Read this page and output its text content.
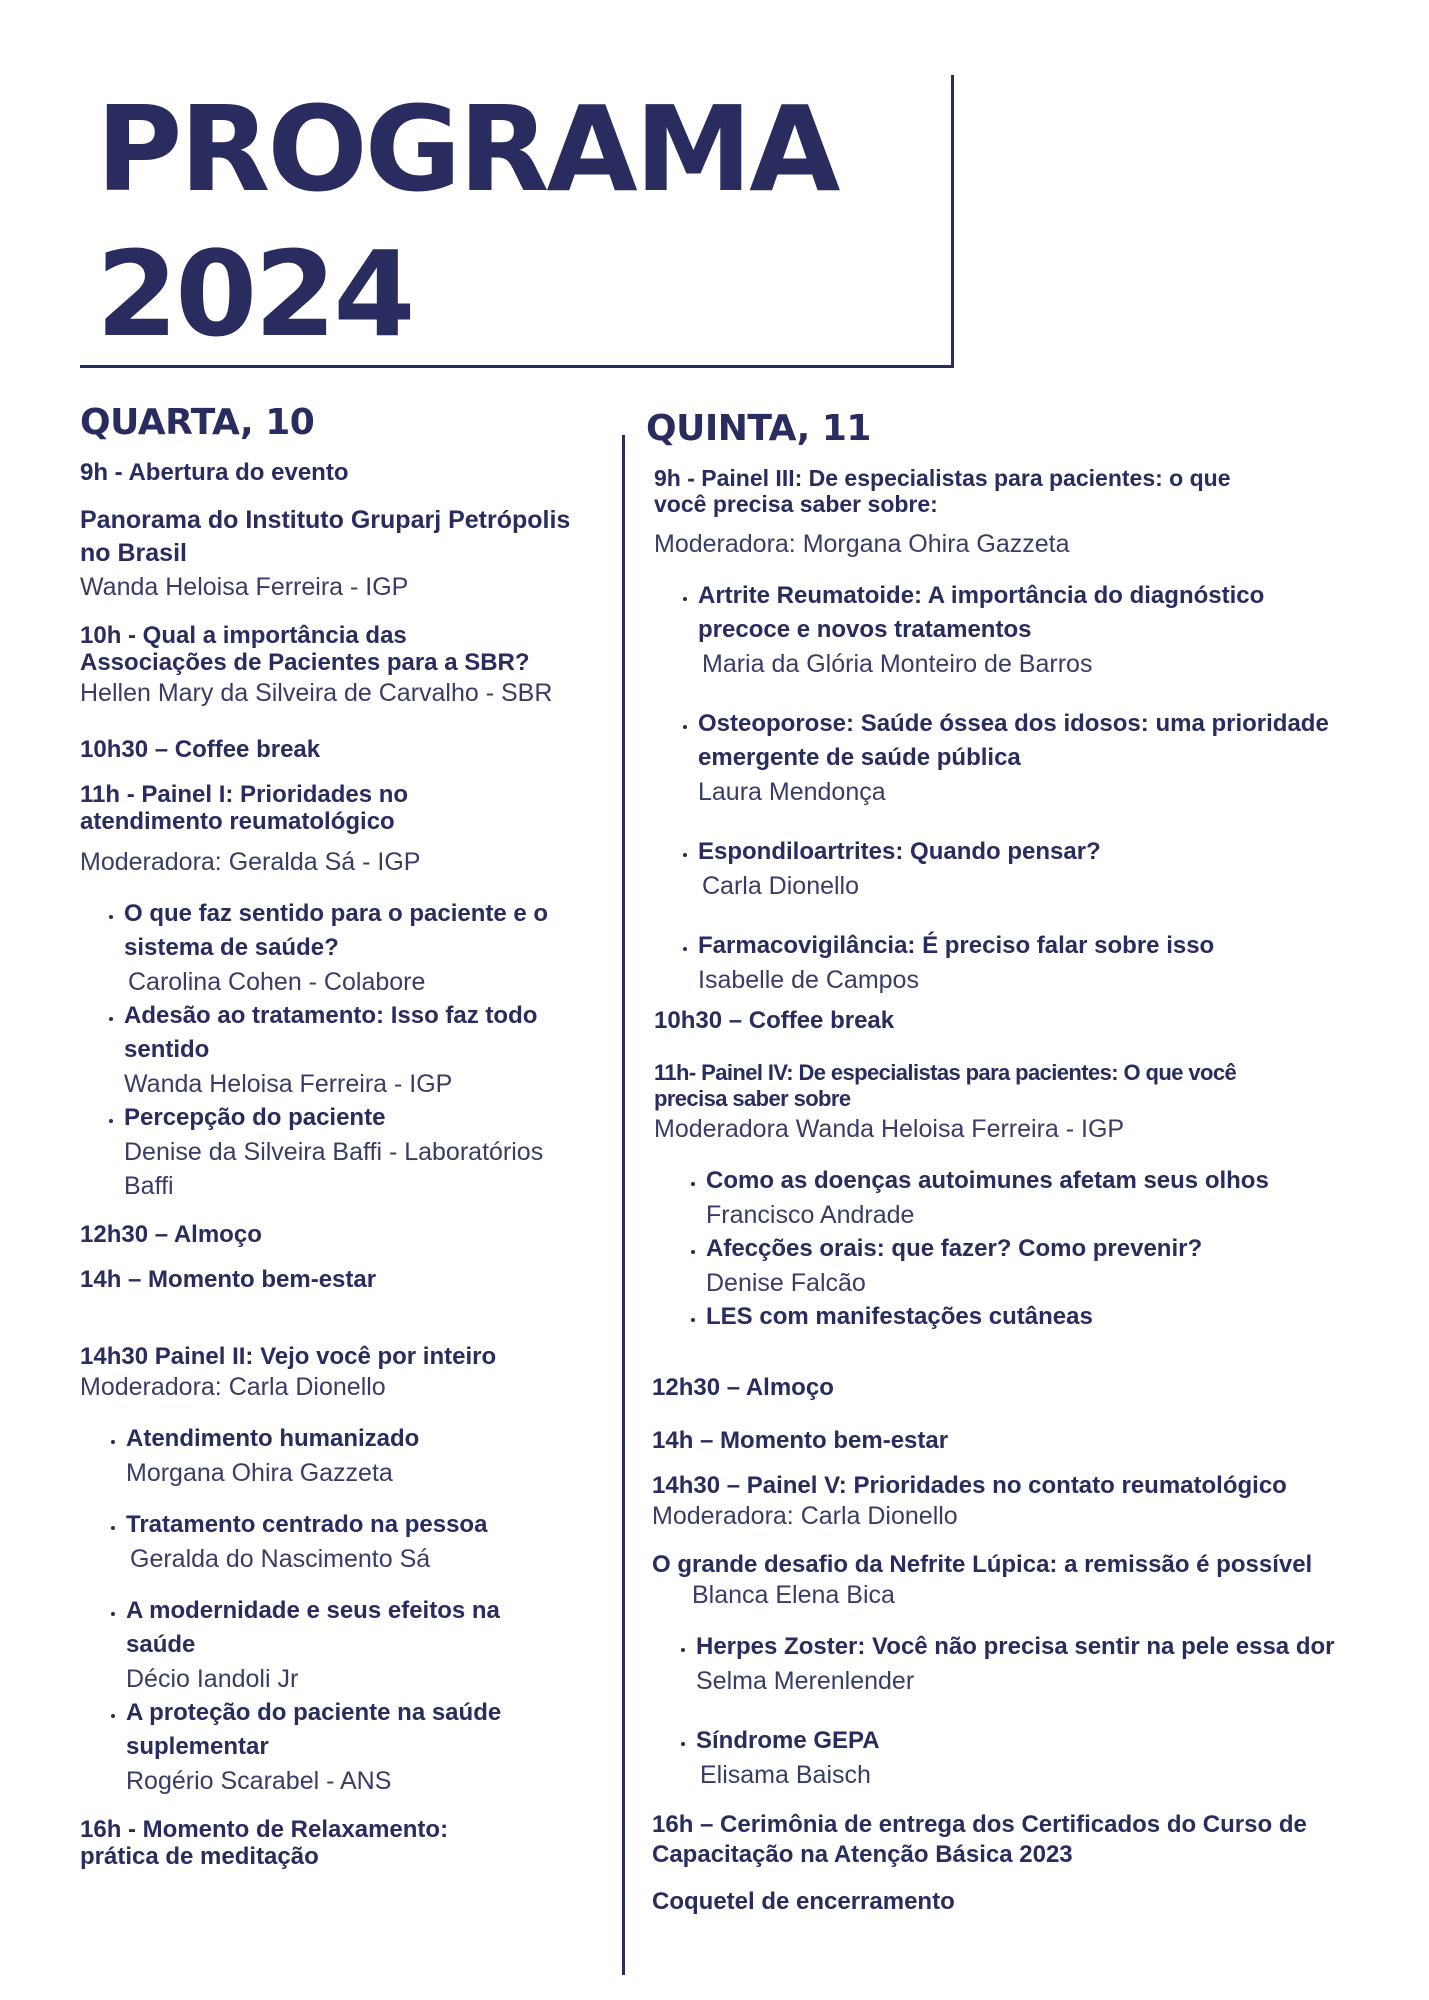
PROGRAMA
2024
QUARTA, 10
9h - Abertura do evento
Panorama do Instituto Gruparj Petrópolis
no Brasil
Wanda Heloisa Ferreira - IGP
10h - Qual a importância das
Associações de Pacientes para a SBR?
Hellen Mary da Silveira de Carvalho - SBR
10h30 – Coffee break
11h - Painel I: Prioridades no
atendimento reumatológico
Moderadora: Geralda Sá - IGP
• O que faz sentido para o paciente e o
sistema de saúde?
Carolina Cohen - Colabore
• Adesão ao tratamento: Isso faz todo
sentido
Wanda Heloisa Ferreira - IGP
• Percepção do paciente
Denise da Silveira Baffi - Laboratórios
Baffi
12h30 – Almoço
14h – Momento bem-estar
14h30 Painel II: Vejo você por inteiro
Moderadora: Carla Dionello
• Atendimento humanizado
Morgana Ohira Gazzeta
• Tratamento centrado na pessoa
Geralda do Nascimento Sá
• A modernidade e seus efeitos na
saúde
Décio Iandoli Jr
• A proteção do paciente na saúde
suplementar
Rogério Scarabel - ANS
16h - Momento de Relaxamento:
prática de meditação
QUINTA, 11
9h - Painel III: De especialistas para pacientes: o que
você precisa saber sobre:
Moderadora: Morgana Ohira Gazzeta
• Artrite Reumatoide: A importância do diagnóstico
precoce e novos tratamentos
Maria da Glória Monteiro de Barros
• Osteoporose: Saúde óssea dos idosos: uma prioridade
emergente de saúde pública
Laura Mendonça
• Espondiloartrites: Quando pensar?
Carla Dionello
• Farmacovigilância: É preciso falar sobre isso
Isabelle de Campos
10h30 – Coffee break
11h- Painel IV: De especialistas para pacientes: O que você
precisa saber sobre
Moderadora Wanda Heloisa Ferreira - IGP
• Como as doenças autoimunes afetam seus olhos
Francisco Andrade
• Afecções orais: que fazer? Como prevenir?
Denise Falcão
• LES com manifestações cutâneas
12h30 – Almoço
14h – Momento bem-estar
14h30 – Painel V: Prioridades no contato reumatológico
Moderadora: Carla Dionello
O grande desafio da Nefrite Lúpica: a remissão é possível
Blanca Elena Bica
• Herpes Zoster: Você não precisa sentir na pele essa dor
Selma Merenlender
• Síndrome GEPA
Elisama Baisch
16h – Cerimônia de entrega dos Certificados do Curso de
Capacitação na Atenção Básica 2023
Coquetel de encerramento
